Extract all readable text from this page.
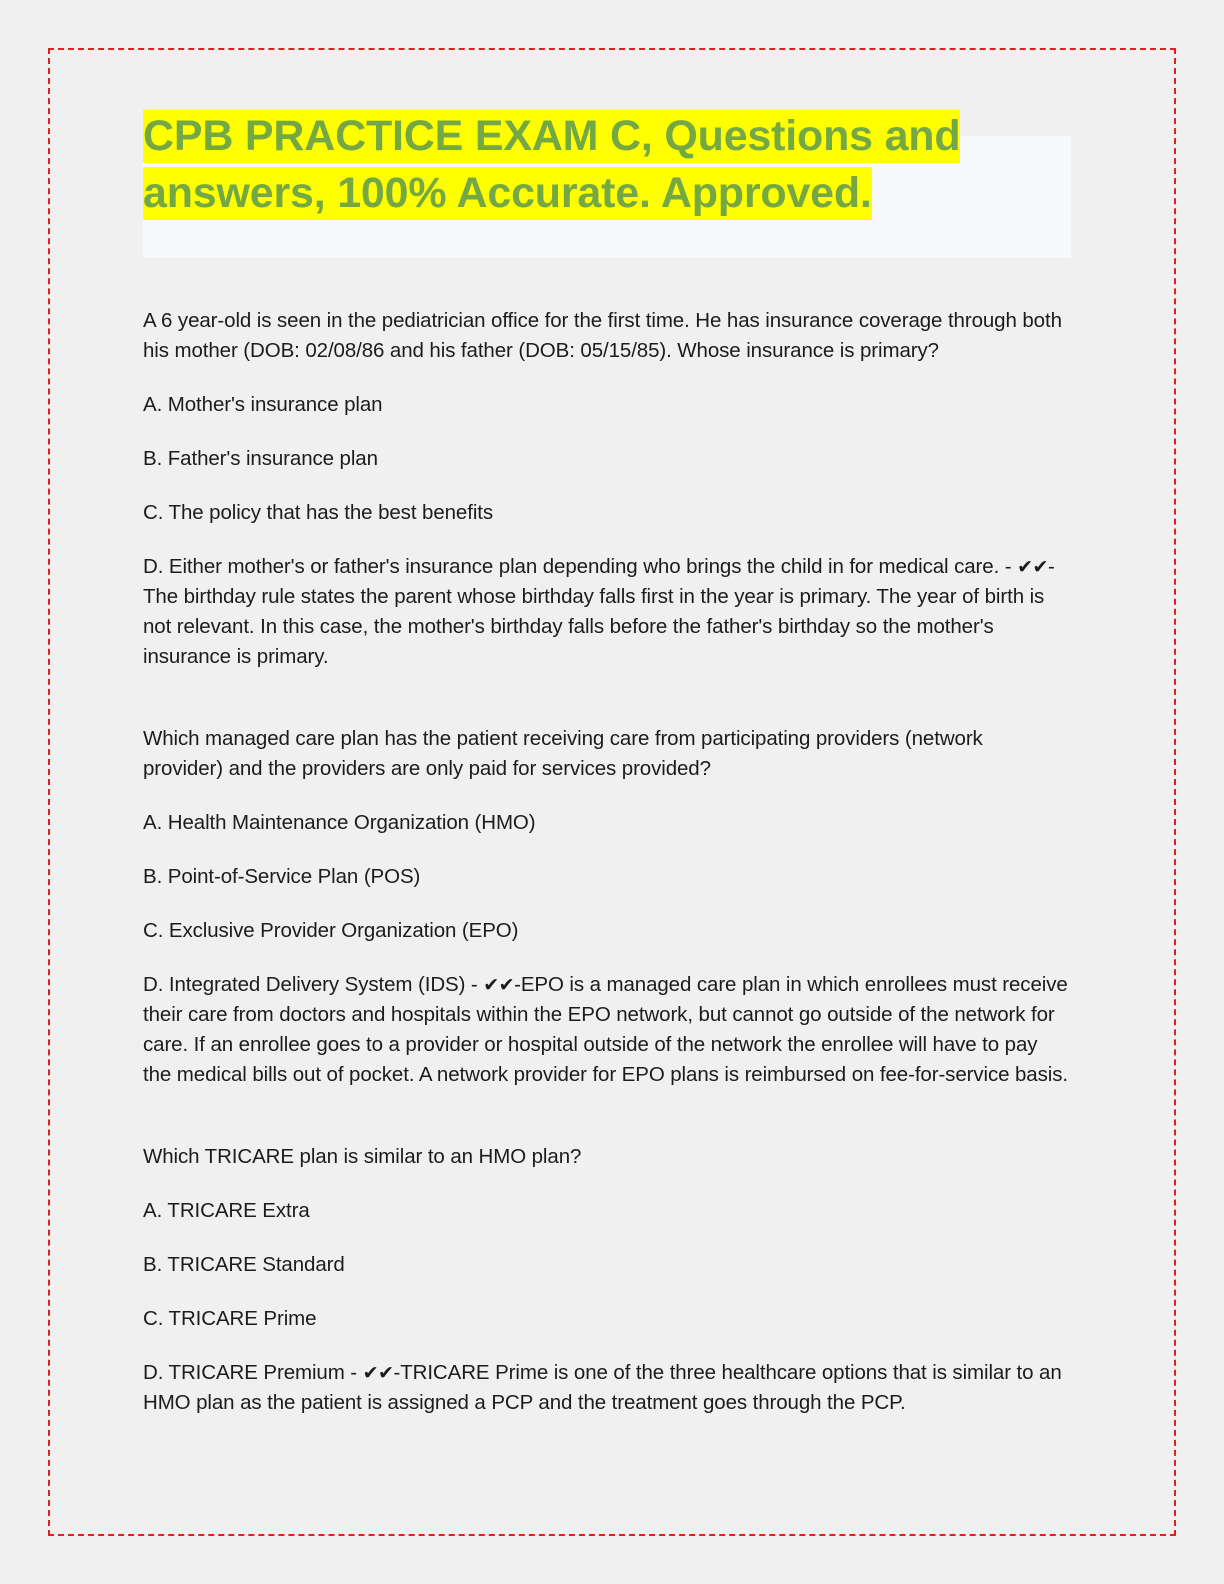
CPB PRACTICE EXAM C, Questions and answers, 100% Accurate. Approved.

A 6 year-old is seen in the pediatrician office for the first time. He has insurance coverage through both his mother (DOB: 02/08/86 and his father (DOB: 05/15/85). Whose insurance is primary?

A. Mother's insurance plan

B. Father's insurance plan

C. The policy that has the best benefits

D. Either mother's or father's insurance plan depending who brings the child in for medical care. - ✔✔-The birthday rule states the parent whose birthday falls first in the year is primary. The year of birth is not relevant. In this case, the mother's birthday falls before the father's birthday so the mother's insurance is primary.

Which managed care plan has the patient receiving care from participating providers (network provider) and the providers are only paid for services provided?

A. Health Maintenance Organization (HMO)

B. Point-of-Service Plan (POS)

C. Exclusive Provider Organization (EPO)

D. Integrated Delivery System (IDS) - ✔✔-EPO is a managed care plan in which enrollees must receive their care from doctors and hospitals within the EPO network, but cannot go outside of the network for care. If an enrollee goes to a provider or hospital outside of the network the enrollee will have to pay the medical bills out of pocket. A network provider for EPO plans is reimbursed on fee-for-service basis.

Which TRICARE plan is similar to an HMO plan?

A. TRICARE Extra

B. TRICARE Standard

C. TRICARE Prime

D. TRICARE Premium - ✔✔-TRICARE Prime is one of the three healthcare options that is similar to an HMO plan as the patient is assigned a PCP and the treatment goes through the PCP.
